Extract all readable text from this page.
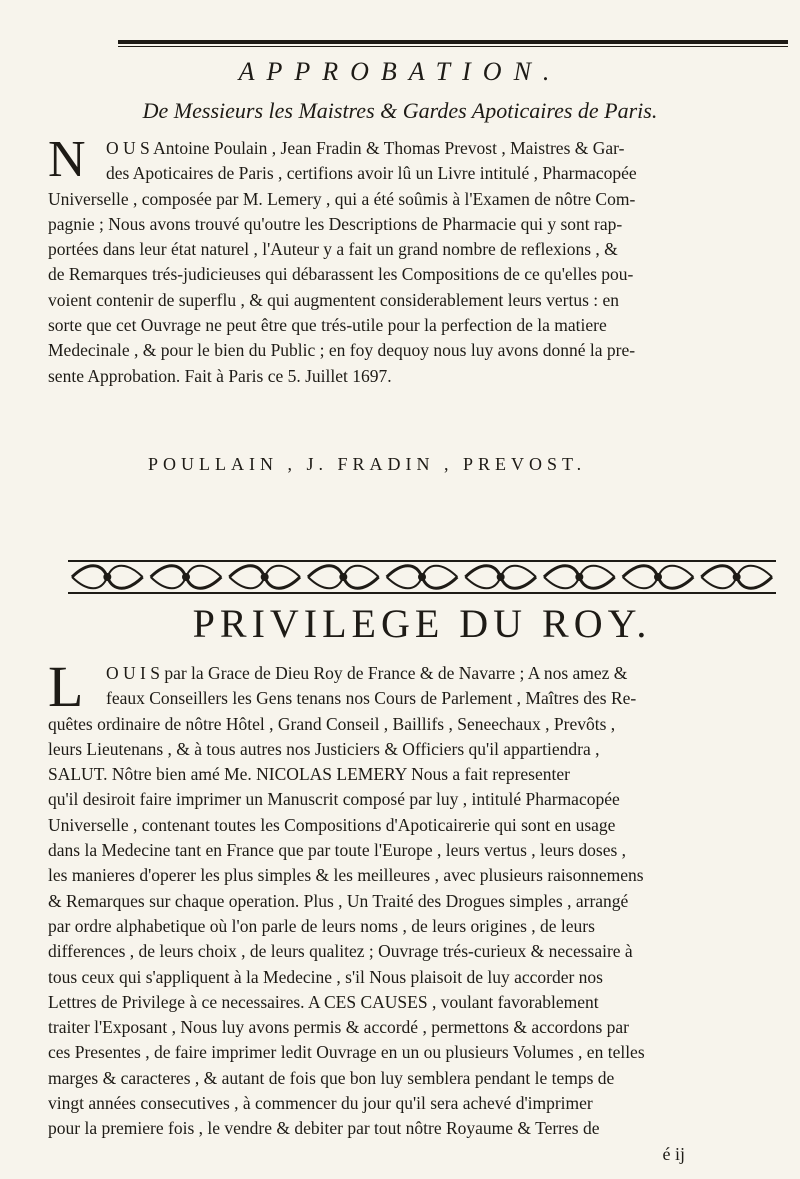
APPROBATION.
De Messieurs les Maistres & Gardes Apoticaires de Paris.
N	O U S Antoine Poulain , Jean Fradin & Thomas Prevost , Maistres & Gar-
des Apoticaires de Paris , certifions avoir lû un Livre intitulé , Pharmacopée
Universelle , composée par M. Lemery , qui a été soûmis à l'Examen de nôtre Com-
pagnie ; Nous avons trouvé qu'outre les Descriptions de Pharmacie qui y sont rap-
portées dans leur état naturel , l'Auteur y a fait un grand nombre de reflexions , &
de Remarques trés-judicieuses qui débarassent les Compositions de ce qu'elles pou-
voient contenir de superflu , & qui augmentent considerablement leurs vertus : en
sorte que cet Ouvrage ne peut être que trés-utile pour la perfection de la matiere
Medecinale , & pour le bien du Public ; en foy dequoy nous luy avons donné la pre-
sente Approbation. Fait à Paris ce 5. Juillet 1697.
POULLAIN , J. FRADIN , PREVOST.
PRIVILEGE DU ROY.
L	O U I S par la Grace de Dieu Roy de France & de Navarre ; A nos amez &
feaux Conseillers les Gens tenans nos Cours de Parlement , Maîtres des Re-
quêtes ordinaire de nôtre Hôtel , Grand Conseil , Baillifs , Seneechaux , Prevôts ,
leurs Lieutenans , & à tous autres nos Justiciers & Officiers qu'il appartiendra ,
SALUT. Nôtre bien amé Me. NICOLAS LEMERY Nous a fait representer
qu'il desiroit faire imprimer un Manuscrit composé par luy , intitulé Pharmacopée
Universelle , contenant toutes les Compositions d'Apoticairerie qui sont en usage
dans la Medecine tant en France que par toute l'Europe , leurs vertus , leurs doses ,
les manieres d'operer les plus simples & les meilleures , avec plusieurs raisonnemens
& Remarques sur chaque operation. Plus , Un Traité des Drogues simples , arrangé
par ordre alphabetique où l'on parle de leurs noms , de leurs origines , de leurs
differences , de leurs choix , de leurs qualitez ; Ouvrage trés-curieux & necessaire à
tous ceux qui s'appliquent à la Medecine , s'il Nous plaisoit de luy accorder nos
Lettres de Privilege à ce necessaires. A CES CAUSES , voulant favorablement
traiter l'Exposant , Nous luy avons permis & accordé , permettons & accordons par
ces Presentes , de faire imprimer ledit Ouvrage en un ou plusieurs Volumes , en telles
marges & caracteres , & autant de fois que bon luy semblera pendant le temps de
vingt années consecutives , à commencer du jour qu'il sera achevé d'imprimer
pour la premiere fois , le vendre & debiter par tout nôtre Royaume & Terres de
é ij
